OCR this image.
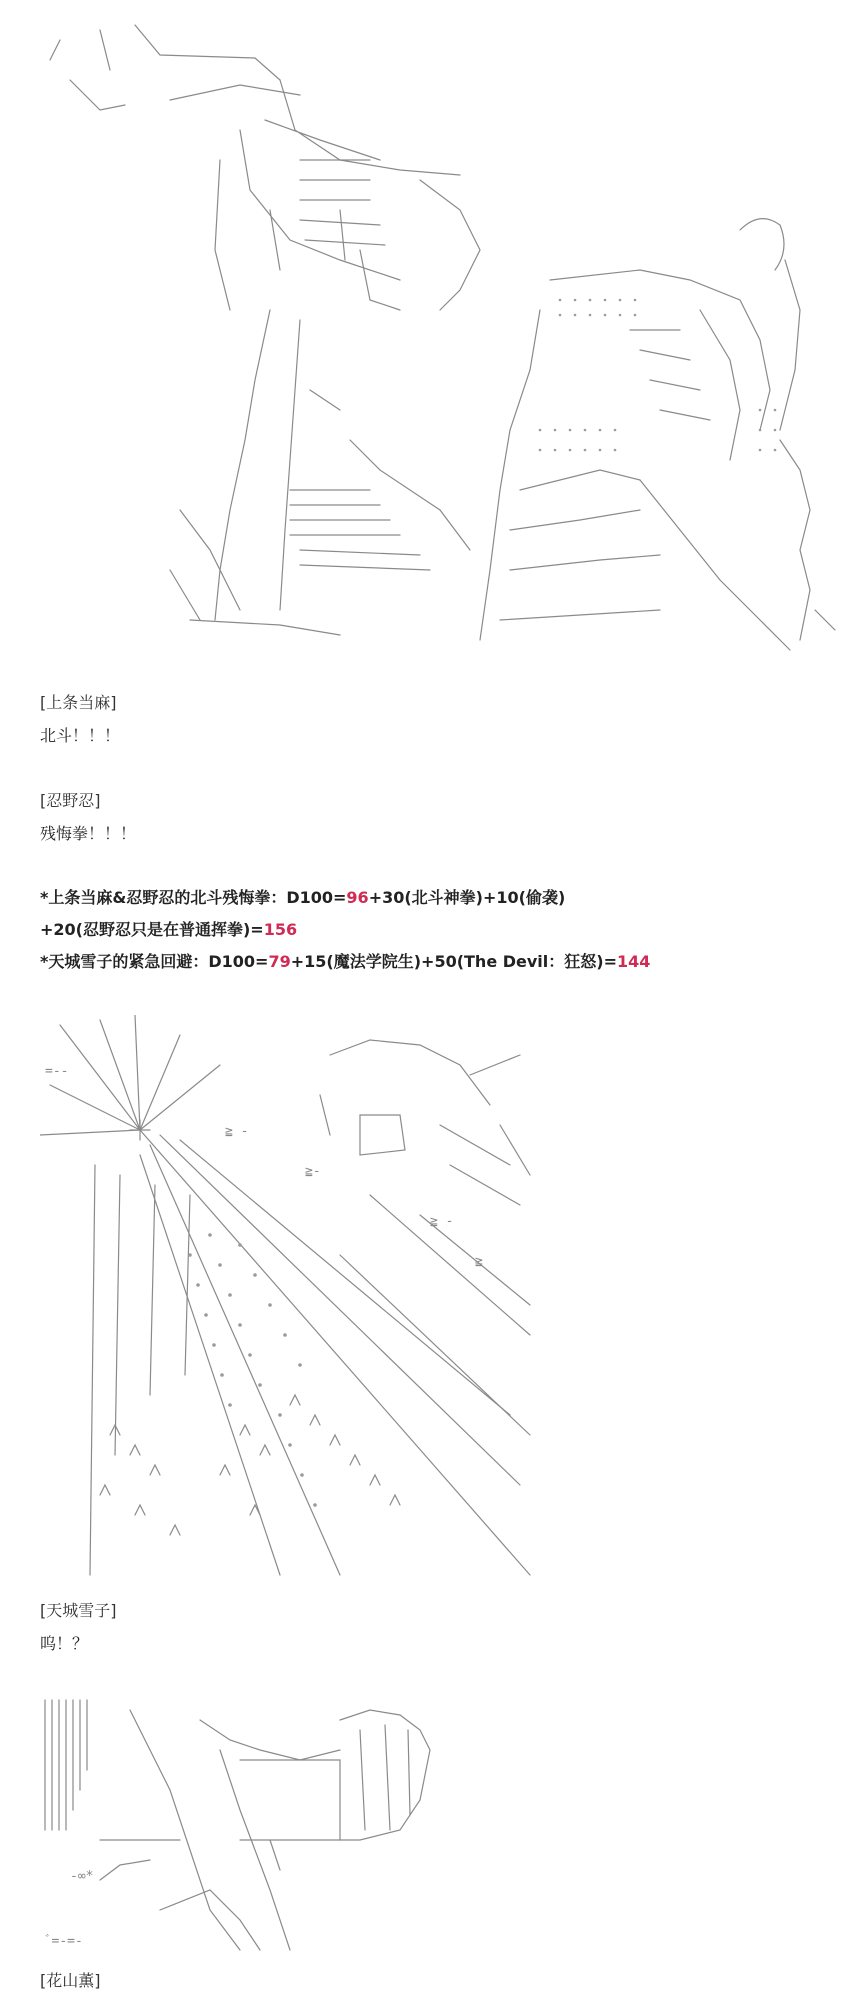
[上条当麻]

北斗！！！

[忍野忍]

残悔拳！！！

*上条当麻&忍野忍的北斗残悔拳：D100=96+30(北斗神拳)+10(偷袭)
+20(忍野忍只是在普通挥拳)=156
*天城雪子的紧急回避：D100=79+15(魔法学院生)+50(The Devil：狂怒)=144
=--
≧ -
≧-
≧ -
≧

[天城雪子]

呜！？

-∞*
ﾞ=-=-

[花山薫]
